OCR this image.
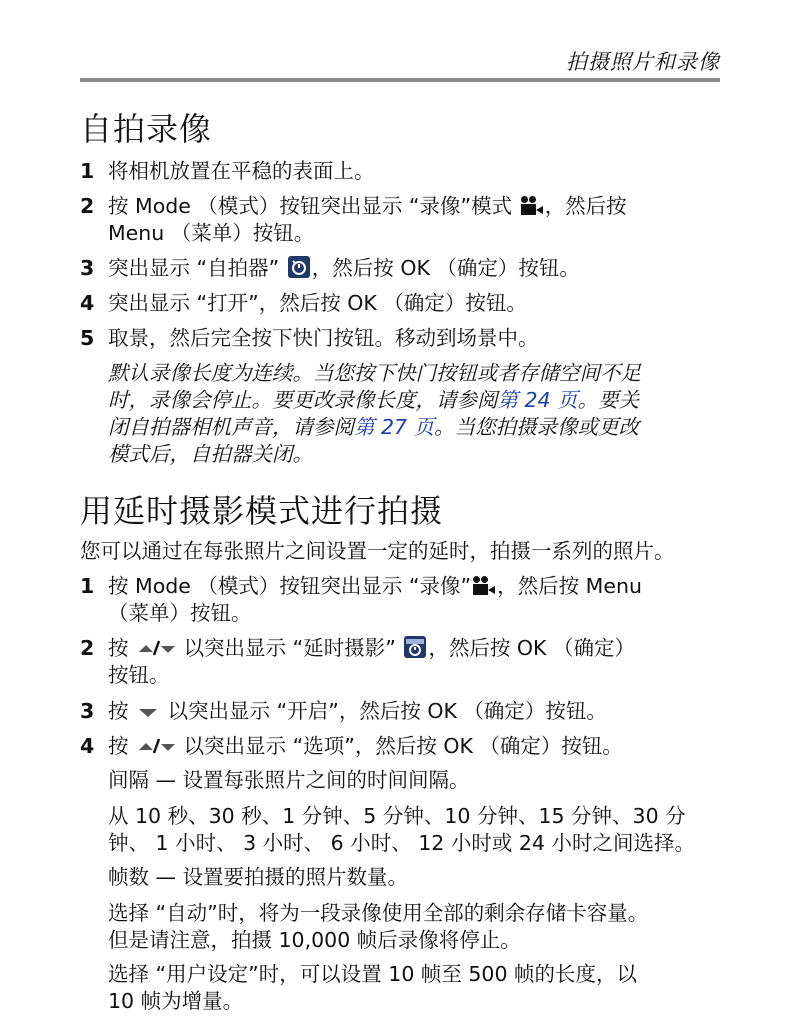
拍摄照片和录像
自拍录像
1 将相机放置在平稳的表面上。
2 按 Mode （模式）按钮突出显示 “录像”模式 ，然后按
Menu （菜单）按钮。
3 突出显示 “自拍器” ，然后按 OK （确定）按钮。
4 突出显示 “打开”，然后按 OK （确定）按钮。
5 取景，然后完全按下快门按钮。移动到场景中。
默认录像长度为连续。当您按下快门按钮或者存储空间不足
时，录像会停止。要更改录像长度，请参阅第 24 页。要关
闭自拍器相机声音，请参阅第 27 页。当您拍摄录像或更改
模式后，自拍器关闭。
用延时摄影模式进行拍摄
您可以通过在每张照片之间设置一定的延时，拍摄一系列的照片。
1 按 Mode （模式）按钮突出显示 “录像” ，然后按 Menu
（菜单）按钮。
2 按	以突出显示 “延时摄影” ，然后按 OK （确定）
按钮。
3 按 以突出显示 “开启”，然后按 OK （确定）按钮。
4 按	以突出显示 “选项”，然后按 OK （确定）按钮。
间隔 — 设置每张照片之间的时间间隔。
从 10 秒、30 秒、1 分钟、5 分钟、10 分钟、15 分钟、30 分
钟、 1 小时、 3 小时、 6 小时、 12 小时或 24 小时之间选择。
帧数 — 设置要拍摄的照片数量。
选择 “自动”时，将为一段录像使用全部的剩余存储卡容量。
但是请注意，拍摄 10,000 帧后录像将停止。
选择 “用户设定”时，可以设置 10 帧至 500 帧的长度，以
10 帧为增量。
